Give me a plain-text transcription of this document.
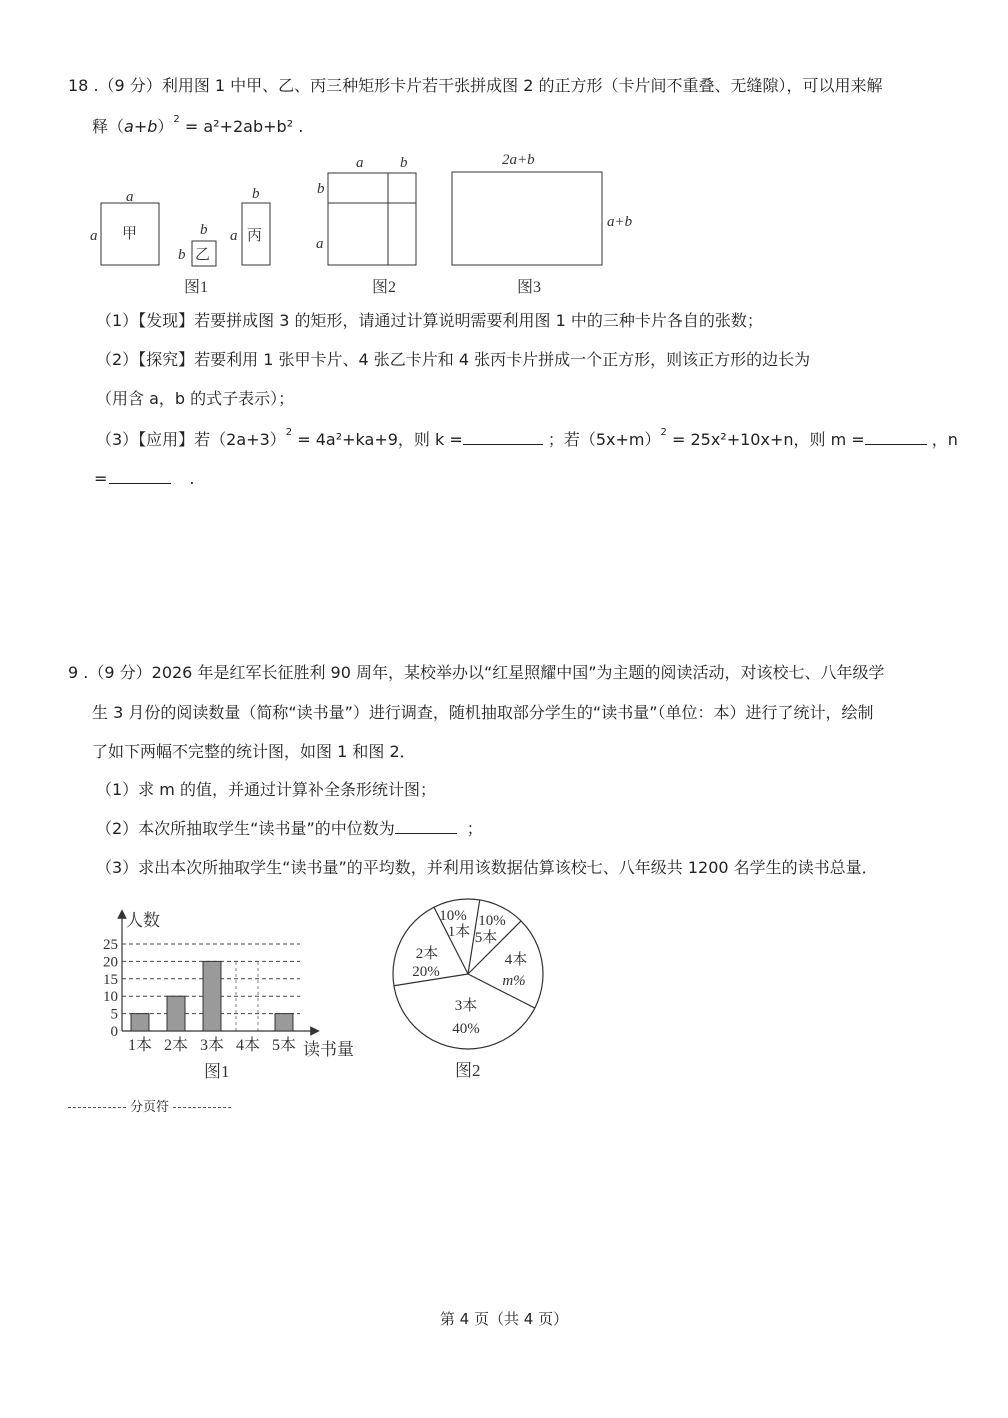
18 .（9 分）利用图 1 中甲、乙、丙三种矩形卡片若干张拼成图 2 的正方形（卡片间不重叠、无缝隙），可以用来解
释$(a+b)^2 = a^2+2ab+b^2$ .
a
a 甲	b
b 乙
b
a 丙
图1
a b
b
a
图2
2a+b
a+b
图3
（1）【发现】若要拼成图 3 的矩形，请通过计算说明需要利用图 1 中的三种卡片各自的张数；
（2）【探究】若要利用 1 张甲卡片、4 张乙卡片和 4 张丙卡片拼成一个正方形，则该正方形的边长为
（用含 a，b 的式子表示）；
（3）【应用】若$(2a+3)^2 = 4a^2+ka+9$，则 k =	；若$(5x+m)^2 = 25x^2+10x+n$，则 m =	，n
=	.
9 .（9 分）2026 年是红军长征胜利 90 周年，某校举办以“红星照耀中国”为主题的阅读活动，对该校七、八年级学
生 3 月份的阅读数量（简称“读书量”）进行调查，随机抽取部分学生的“读书量”（单位：本）进行了统计，绘制
了如下两幅不完整的统计图，如图 1 和图 2．
（1）求 m 的值，并通过计算补全条形统计图；
（2）本次所抽取学生“读书量”的中位数为	；
（3）求出本次所抽取学生“读书量”的平均数，并利用该数据估算该校七、八年级共 1200 名学生的读书总量．
人数
读书量
0
5
10
15
20
25
1本 2本 3本 4本 5本
图1
10%
1本
10%
5本
4本
m%
3本
40%
2本
20%
图2
分页符
第 4 页（共 4 页）
